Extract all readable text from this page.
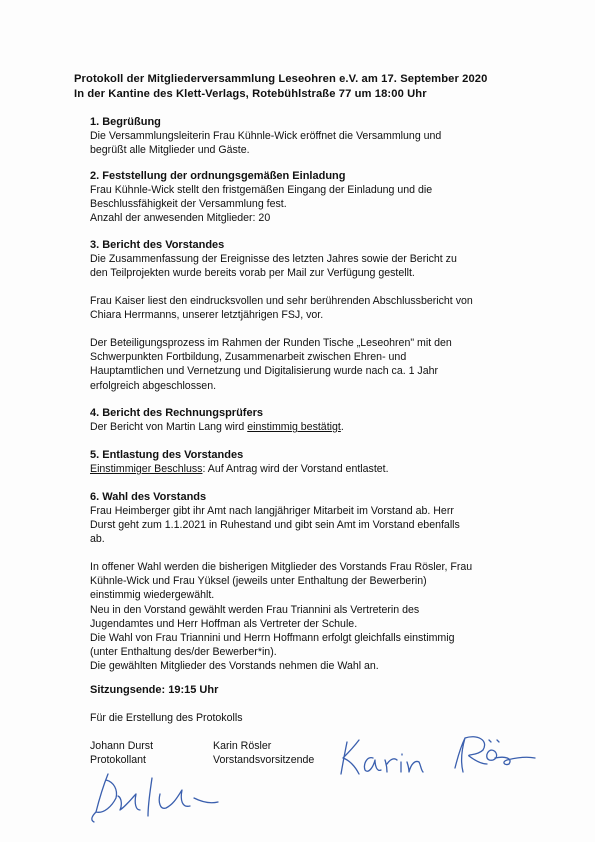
Protokoll der Mitgliederversammlung Leseohren e.V. am 17. September 2020
In der Kantine des Klett-Verlags, Rotebühlstraße 77 um 18:00 Uhr
1. Begrüßung
Die Versammlungsleiterin Frau Kühnle-Wick eröffnet die Versammlung und
begrüßt alle Mitglieder und Gäste.
2. Feststellung der ordnungsgemäßen Einladung
Frau Kühnle-Wick stellt den fristgemäßen Eingang der Einladung und die
Beschlussfähigkeit der Versammlung fest.
Anzahl der anwesenden Mitglieder: 20
3. Bericht des Vorstandes
Die Zusammenfassung der Ereignisse des letzten Jahres sowie der Bericht zu
den Teilprojekten wurde bereits vorab per Mail zur Verfügung gestellt.
Frau Kaiser liest den eindrucksvollen und sehr berührenden Abschlussbericht von
Chiara Herrmanns, unserer letztjährigen FSJ, vor.
Der Beteiligungsprozess im Rahmen der Runden Tische „Leseohren" mit den
Schwerpunkten Fortbildung, Zusammenarbeit zwischen Ehren- und
Hauptamtlichen und Vernetzung und Digitalisierung wurde nach ca. 1 Jahr
erfolgreich abgeschlossen.
4. Bericht des Rechnungsprüfers
Der Bericht von Martin Lang wird einstimmig bestätigt.
5. Entlastung des Vorstandes
Einstimmiger Beschluss: Auf Antrag wird der Vorstand entlastet.
6. Wahl des Vorstands
Frau Heimberger gibt ihr Amt nach langjähriger Mitarbeit im Vorstand ab. Herr
Durst geht zum 1.1.2021 in Ruhestand und gibt sein Amt im Vorstand ebenfalls
ab.
In offener Wahl werden die bisherigen Mitglieder des Vorstands Frau Rösler, Frau
Kühnle-Wick und Frau Yüksel (jeweils unter Enthaltung der Bewerberin)
einstimmig wiedergewählt.
Neu in den Vorstand gewählt werden Frau Triannini als Vertreterin des
Jugendamtes und Herr Hoffman als Vertreter der Schule.
Die Wahl von Frau Triannini und Herrn Hoffmann erfolgt gleichfalls einstimmig
(unter Enthaltung des/der Bewerber*in).
Die gewählten Mitglieder des Vorstands nehmen die Wahl an.
Sitzungsende: 19:15 Uhr
Für die Erstellung des Protokolls
Johann Durst
Protokollant
Karin Rösler
Vorstandsvorsitzende
